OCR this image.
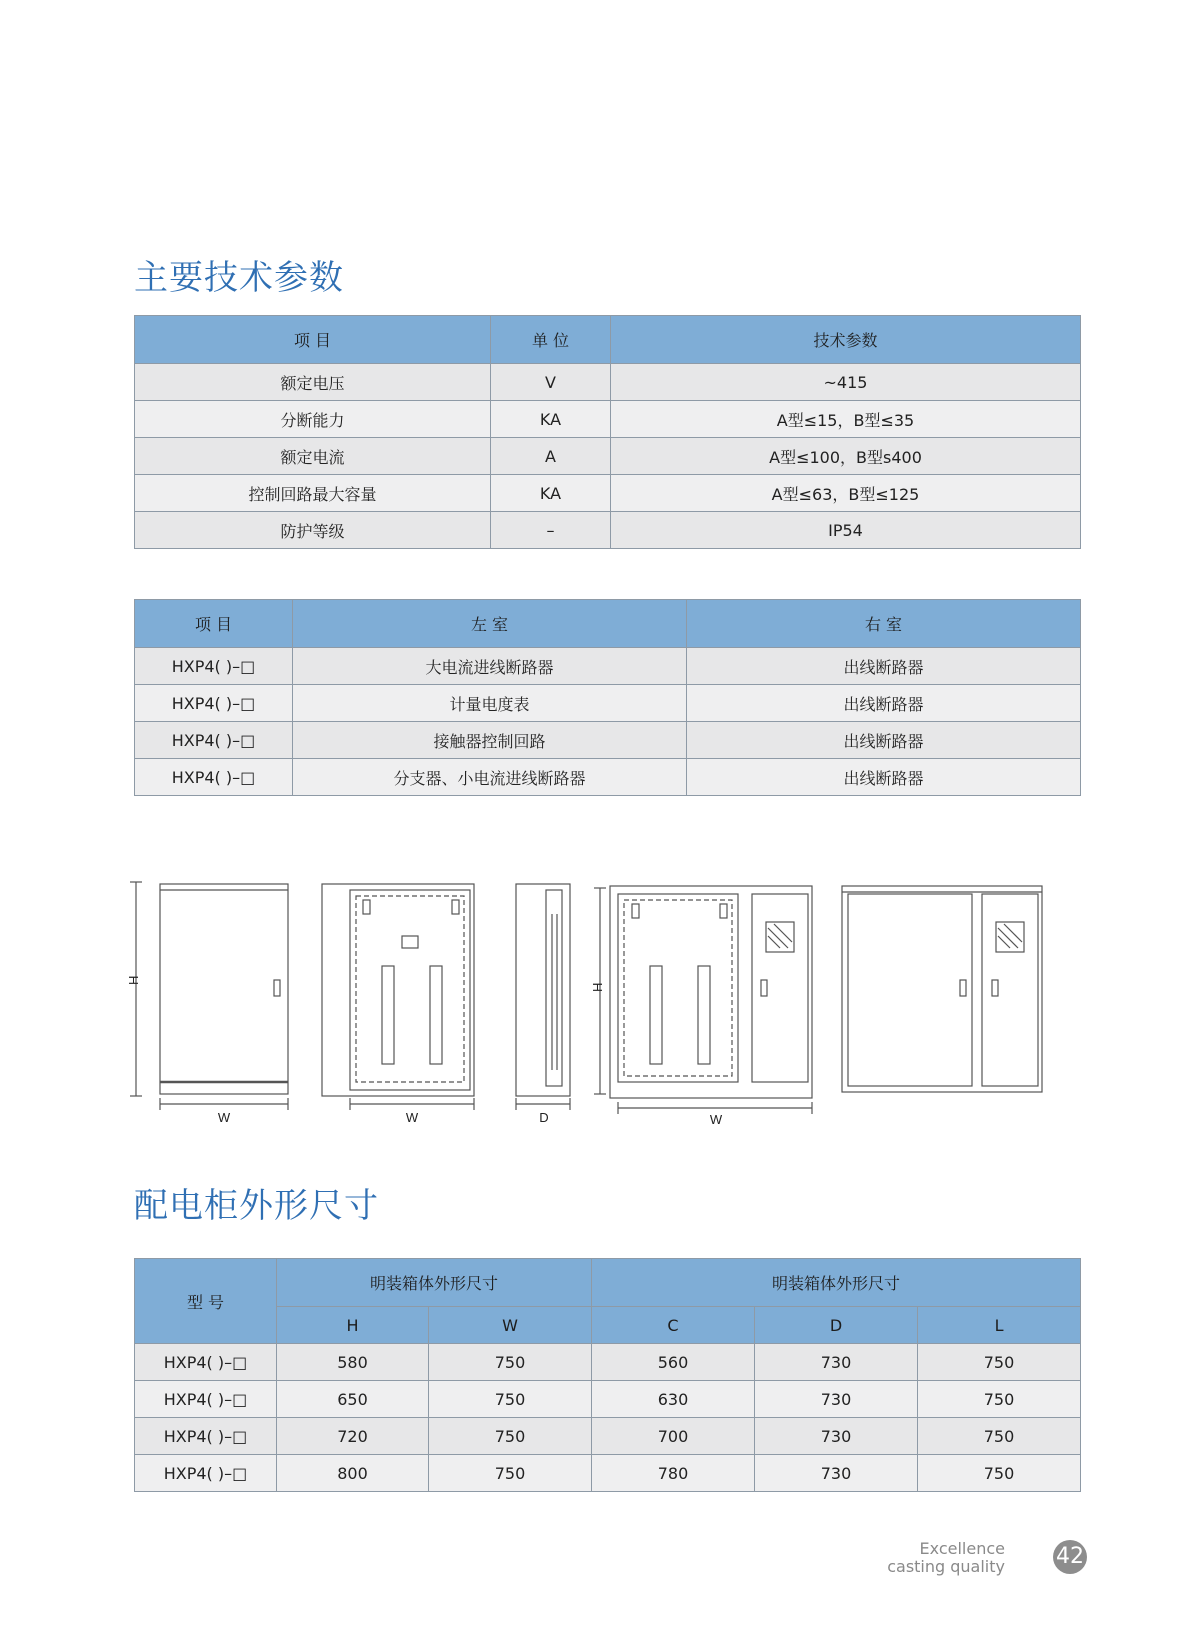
主要技术参数
项 目	单 位	技术参数
额定电压	V	~415
分断能力	KA	A型≤15，B型≤35
额定电流	A	A型≤100，B型s400
控制回路最大容量	KA	A型≤63，B型≤125
防护等级	–	IP54
项 目	左 室	右 室
HXP4( )–□	大电流进线断路器	出线断路器
HXP4( )–□	计量电度表	出线断路器
HXP4( )–□	接触器控制回路	出线断路器
HXP4( )–□	分支器、小电流进线断路器	出线断路器
H
W	W	D
H
W
配电柜外形尺寸
型 号	明装箱体外形尺寸		明装箱体外形尺寸		
	H	W	C	D	L
HXP4( )–□	580	750	560	730	750
HXP4( )–□	650	750	630	730	750
HXP4( )–□	720	750	700	730	750
HXP4( )–□	800	750	780	730	750
Excellence
casting quality 42
